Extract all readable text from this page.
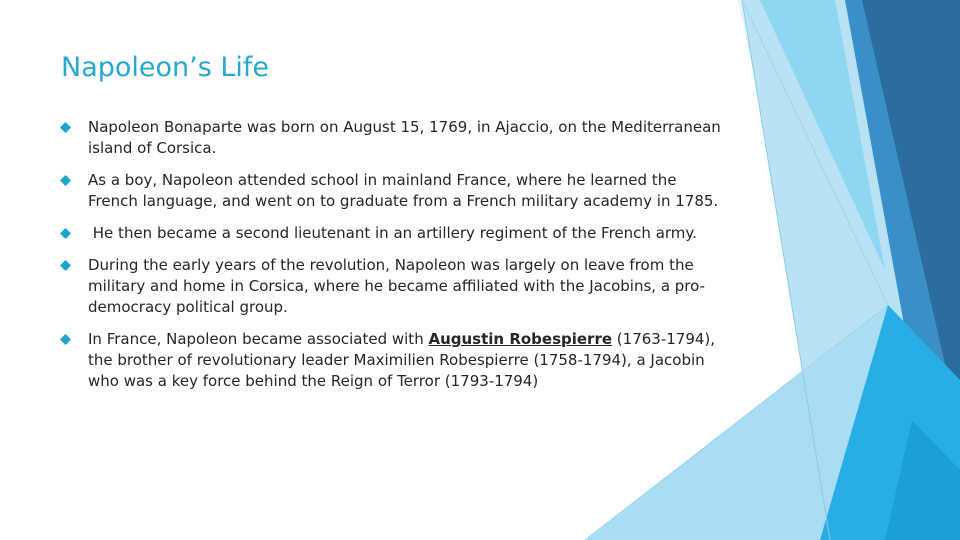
Napoleon’s Life
Napoleon Bonaparte was born on August 15, 1769, in Ajaccio, on the Mediterranean island of Corsica.
As a boy, Napoleon attended school in mainland France, where he learned the French language, and went on to graduate from a French military academy in 1785.
He then became a second lieutenant in an artillery regiment of the French army.
During the early years of the revolution, Napoleon was largely on leave from the military and home in Corsica, where he became affiliated with the Jacobins, a pro-democracy political group.
In France, Napoleon became associated with Augustin Robespierre (1763-1794), the brother of revolutionary leader Maximilien Robespierre (1758-1794), a Jacobin who was a key force behind the Reign of Terror (1793-1794)
